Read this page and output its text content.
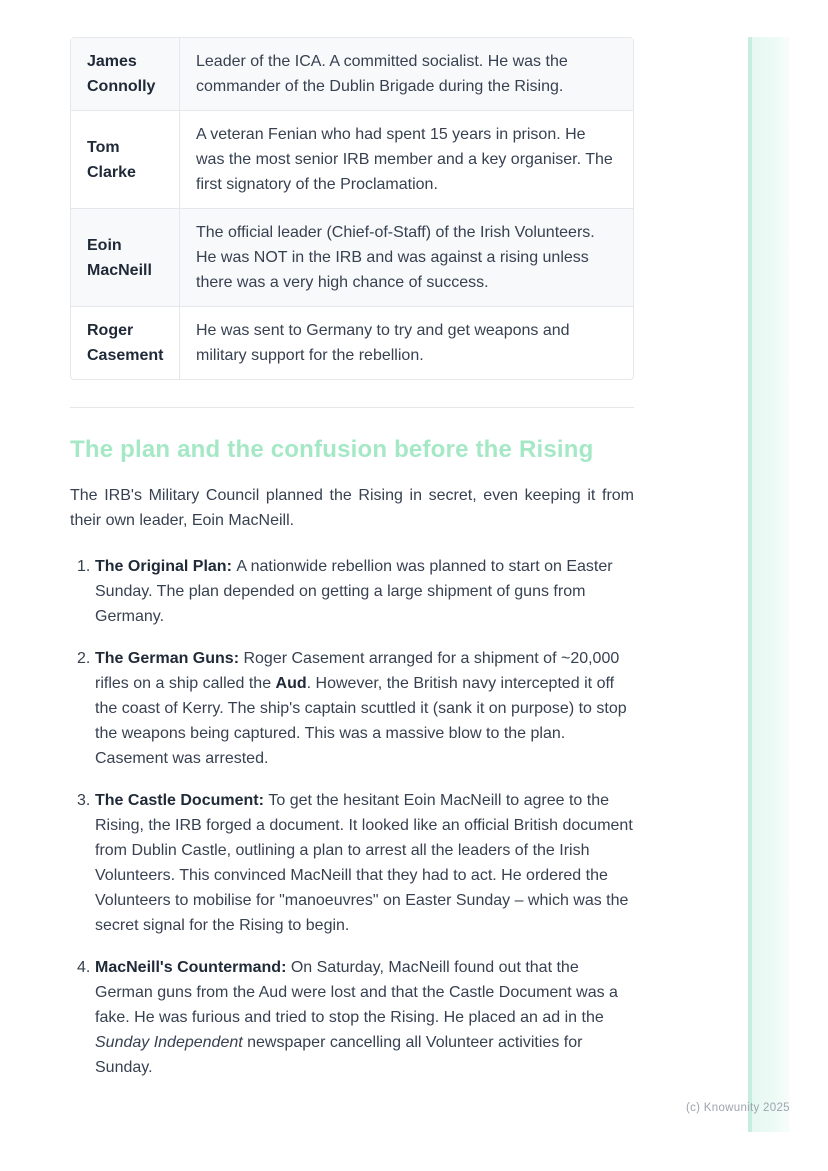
James Connolly
Leader of the ICA. A committed socialist. He was the commander of the Dublin Brigade during the Rising.
Tom Clarke
A veteran Fenian who had spent 15 years in prison. He was the most senior IRB member and a key organiser. The first signatory of the Proclamation.
Eoin MacNeill
The official leader (Chief-of-Staff) of the Irish Volunteers. He was NOT in the IRB and was against a rising unless there was a very high chance of success.
Roger Casement
He was sent to Germany to try and get weapons and military support for the rebellion.
The plan and the confusion before the Rising

The IRB's Military Council planned the Rising in secret, even keeping it from their own leader, Eoin MacNeill.

1. The Original Plan: A nationwide rebellion was planned to start on Easter Sunday. The plan depended on getting a large shipment of guns from Germany.
2. The German Guns: Roger Casement arranged for a shipment of ~20,000 rifles on a ship called the Aud. However, the British navy intercepted it off the coast of Kerry. The ship's captain scuttled it (sank it on purpose) to stop the weapons being captured. This was a massive blow to the plan. Casement was arrested.
3. The Castle Document: To get the hesitant Eoin MacNeill to agree to the Rising, the IRB forged a document. It looked like an official British document from Dublin Castle, outlining a plan to arrest all the leaders of the Irish Volunteers. This convinced MacNeill that they had to act. He ordered the Volunteers to mobilise for "manoeuvres" on Easter Sunday – which was the secret signal for the Rising to begin.
4. MacNeill's Countermand: On Saturday, MacNeill found out that the German guns from the Aud were lost and that the Castle Document was a fake. He was furious and tried to stop the Rising. He placed an ad in the Sunday Independent newspaper cancelling all Volunteer activities for Sunday.
(c) Knowunity 2025
